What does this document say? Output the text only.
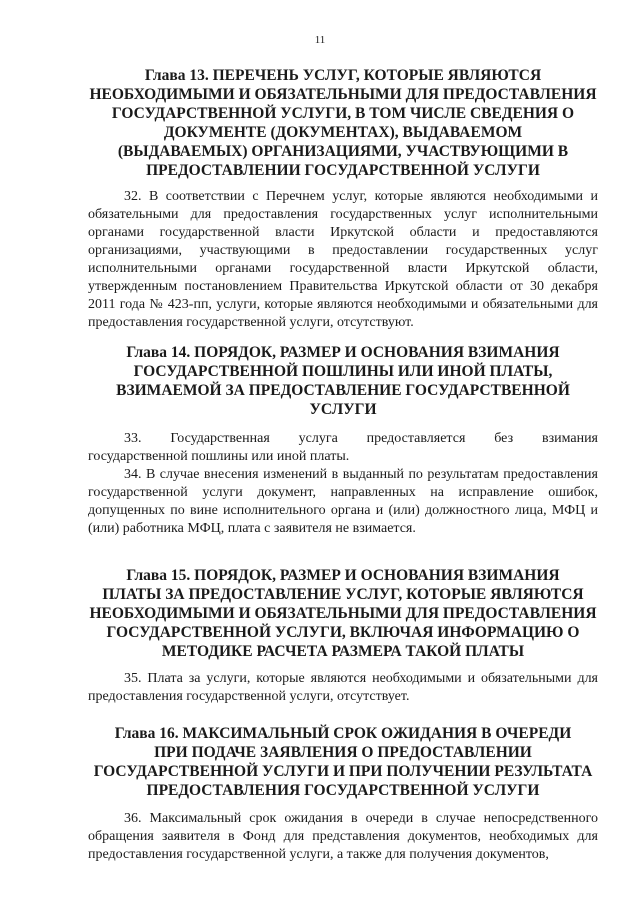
11
Глава 13. ПЕРЕЧЕНЬ УСЛУГ, КОТОРЫЕ ЯВЛЯЮТСЯ
НЕОБХОДИМЫМИ И ОБЯЗАТЕЛЬНЫМИ ДЛЯ ПРЕДОСТАВЛЕНИЯ
ГОСУДАРСТВЕННОЙ УСЛУГИ, В ТОМ ЧИСЛЕ СВЕДЕНИЯ О
ДОКУМЕНТЕ (ДОКУМЕНТАХ), ВЫДАВАЕМОМ
(ВЫДАВАЕМЫХ) ОРГАНИЗАЦИЯМИ, УЧАСТВУЮЩИМИ В
ПРЕДОСТАВЛЕНИИ ГОСУДАРСТВЕННОЙ УСЛУГИ
32. В соответствии с Перечнем услуг, которые являются необходимыми и обязательными для предоставления государственных услуг исполнительными органами государственной власти Иркутской области и предоставляются организациями, участвующими в предоставлении государственных услуг исполнительными органами государственной власти Иркутской области, утвержденным постановлением Правительства Иркутской области от 30 декабря 2011 года № 423-пп, услуги, которые являются необходимыми и обязательными для предоставления государственной услуги, отсутствуют.
Глава 14. ПОРЯДОК, РАЗМЕР И ОСНОВАНИЯ ВЗИМАНИЯ
ГОСУДАРСТВЕННОЙ ПОШЛИНЫ ИЛИ ИНОЙ ПЛАТЫ,
ВЗИМАЕМОЙ ЗА ПРЕДОСТАВЛЕНИЕ ГОСУДАРСТВЕННОЙ
УСЛУГИ
33. Государственная услуга предоставляется без взимания
государственной пошлины или иной платы.
34. В случае внесения изменений в выданный по результатам предоставления государственной услуги документ, направленных на исправление ошибок, допущенных по вине исполнительного органа и (или) должностного лица, МФЦ и (или) работника МФЦ, плата с заявителя не взимается.
Глава 15. ПОРЯДОК, РАЗМЕР И ОСНОВАНИЯ ВЗИМАНИЯ
ПЛАТЫ ЗА ПРЕДОСТАВЛЕНИЕ УСЛУГ, КОТОРЫЕ ЯВЛЯЮТСЯ
НЕОБХОДИМЫМИ И ОБЯЗАТЕЛЬНЫМИ ДЛЯ ПРЕДОСТАВЛЕНИЯ
ГОСУДАРСТВЕННОЙ УСЛУГИ, ВКЛЮЧАЯ ИНФОРМАЦИЮ О
МЕТОДИКЕ РАСЧЕТА РАЗМЕРА ТАКОЙ ПЛАТЫ
35. Плата за услуги, которые являются необходимыми и обязательными для предоставления государственной услуги, отсутствует.
Глава 16. МАКСИМАЛЬНЫЙ СРОК ОЖИДАНИЯ В ОЧЕРЕДИ
ПРИ ПОДАЧЕ ЗАЯВЛЕНИЯ О ПРЕДОСТАВЛЕНИИ
ГОСУДАРСТВЕННОЙ УСЛУГИ И ПРИ ПОЛУЧЕНИИ РЕЗУЛЬТАТА
ПРЕДОСТАВЛЕНИЯ ГОСУДАРСТВЕННОЙ УСЛУГИ
36. Максимальный срок ожидания в очереди в случае непосредственного обращения заявителя в Фонд для представления документов, необходимых для предоставления государственной услуги, а также для получения документов,
